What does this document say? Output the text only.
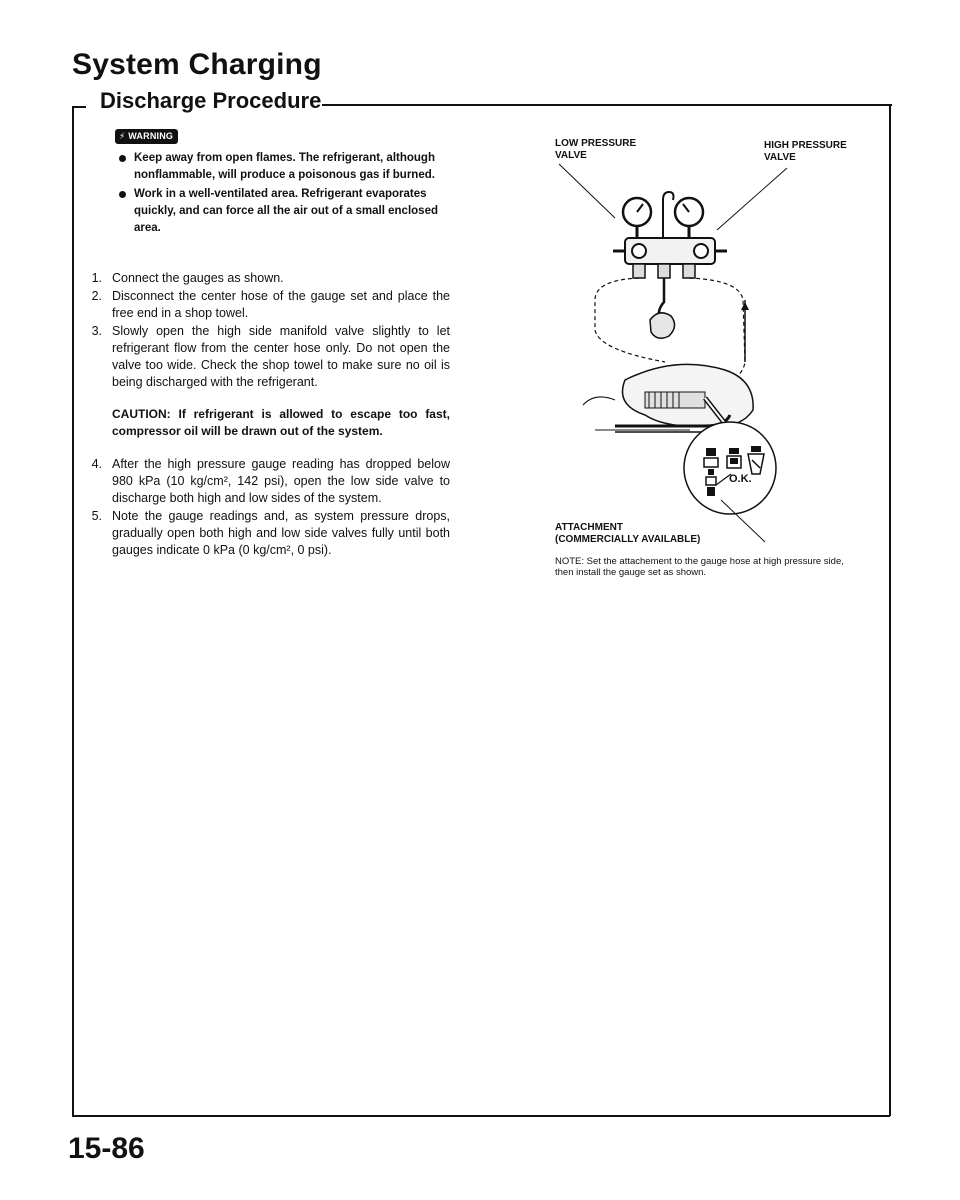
System Charging
Discharge Procedure
⚡ WARNING
Keep away from open flames. The refrigerant, although nonflammable, will produce a poisonous gas if burned.
Work in a well-ventilated area. Refrigerant evaporates quickly, and can force all the air out of a small enclosed area.
1. Connect the gauges as shown.
2. Disconnect the center hose of the gauge set and place the free end in a shop towel.
3. Slowly open the high side manifold valve slightly to let refrigerant flow from the center hose only. Do not open the valve too wide. Check the shop towel to make sure no oil is being discharged with the refrigerant.
CAUTION: If refrigerant is allowed to escape too fast, compressor oil will be drawn out of the system.
4. After the high pressure gauge reading has dropped below 980 kPa (10 kg/cm², 142 psi), open the low side valve to discharge both high and low sides of the system.
5. Note the gauge readings and, as system pressure drops, gradually open both high and low side valves fully until both gauges indicate 0 kPa (0 kg/cm², 0 psi).

LOW PRESSURE
VALVE

HIGH PRESSURE
VALVE

O.K.

ATTACHMENT

(COMMERCIALLY AVAILABLE)

NOTE: Set the attachement to the gauge hose at high pressure side, then install the gauge set as shown.

15-86
